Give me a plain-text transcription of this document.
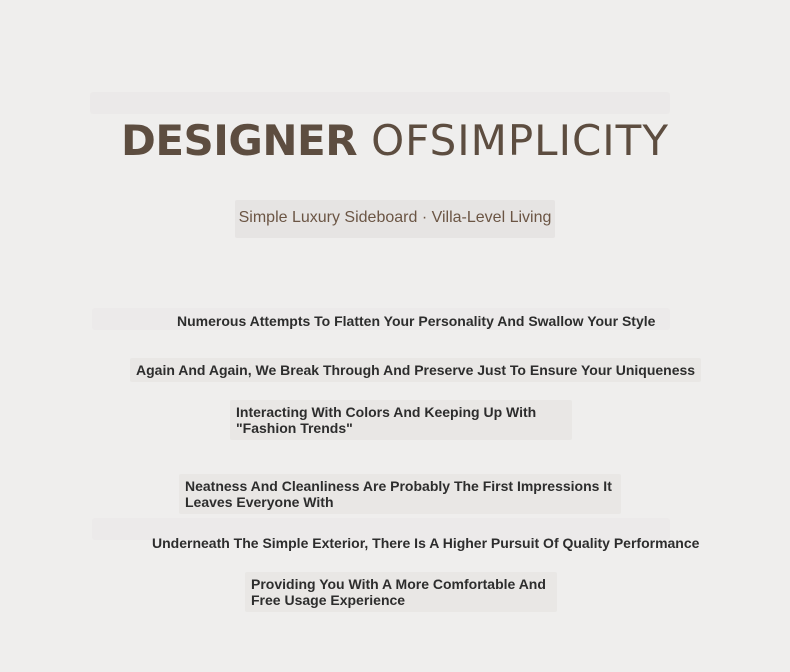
DESIGNER OFSIMPLICITY
Simple Luxury Sideboard · Villa-Level Living
Numerous Attempts To Flatten Your Personality And Swallow Your Style
Again And Again, We Break Through And Preserve Just To Ensure Your Uniqueness
Interacting With Colors And Keeping Up With
"Fashion Trends"
Neatness And Cleanliness Are Probably The First Impressions It
Leaves Everyone With
Underneath The Simple Exterior, There Is A Higher Pursuit Of Quality Performance
Providing You With A More Comfortable And
Free Usage Experience
